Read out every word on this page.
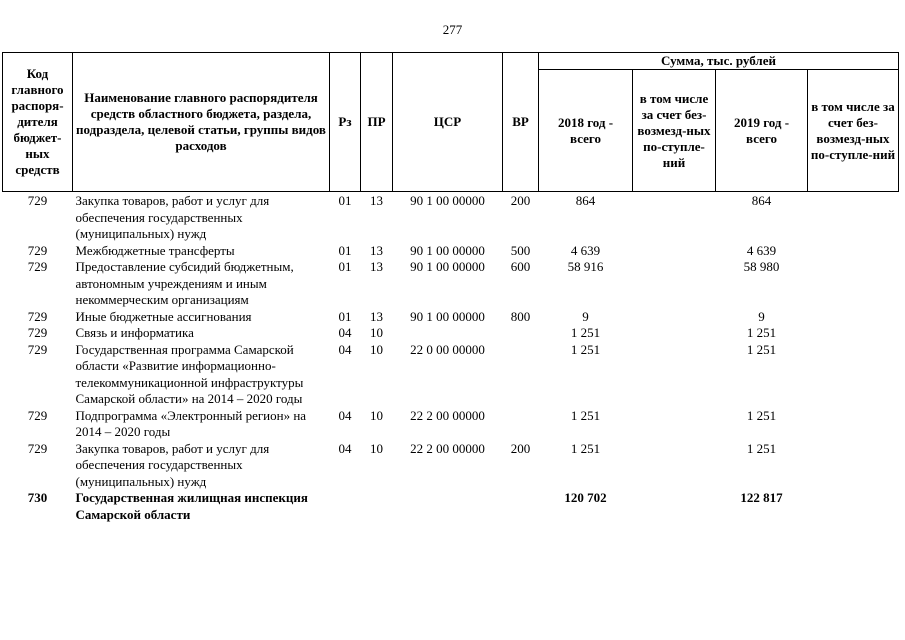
277
Код главного распоря-дителя бюджет-ных средств	Наименование главного распорядителя средств областного бюджета, раздела, подраздела, целевой статьи, группы видов расходов	Рз	ПР	ЦСР	ВР	Сумма, тыс. рублей			
						2018 год - всего	в том числе за счет без-возмезд-ных по-ступле-ний	2019 год - всего	в том числе за счет без-возмезд-ных по-ступле-ний
729	Закупка товаров, работ и услуг для обеспечения государственных (муниципальных) нужд	01	13	90 1 00 00000	200	864		864	
729	Межбюджетные трансферты	01	13	90 1 00 00000	500	4 639		4 639	
729	Предоставление субсидий бюджетным, автономным учреждениям и иным некоммерческим организациям	01	13	90 1 00 00000	600	58 916		58 980	
729	Иные бюджетные ассигнования	01	13	90 1 00 00000	800	9		9	
729	Связь и информатика	04	10			1 251		1 251	
729	Государственная программа Самарской области «Развитие информационно-телекоммуникационной инфраструктуры Самарской области» на 2014 – 2020 годы	04	10	22 0 00 00000		1 251		1 251	
729	Подпрограмма «Электронный регион» на 2014 – 2020 годы	04	10	22 2 00 00000		1 251		1 251	
729	Закупка товаров, работ и услуг для обеспечения государственных (муниципальных) нужд	04	10	22 2 00 00000	200	1 251		1 251	
730	Государственная жилищная инспекция Самарской области					120 702		122 817	
